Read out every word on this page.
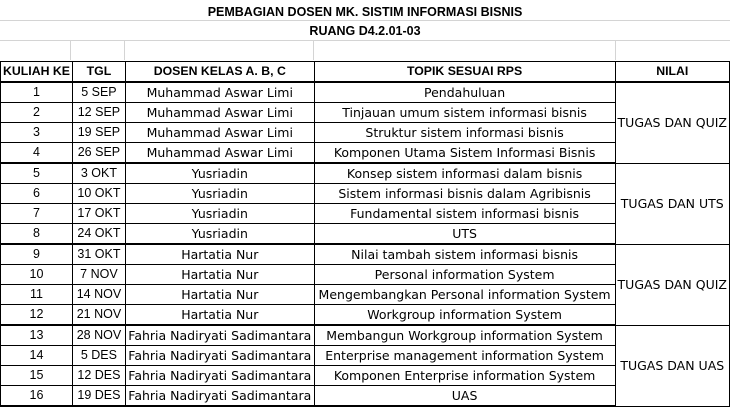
PEMBAGIAN DOSEN MK. SISTIM INFORMASI BISNIS
RUANG D4.2.01-03
KULIAH KE	TGL	DOSEN KELAS A. B, C	TOPIK SESUAI RPS	NILAI
1	5 SEP	Muhammad Aswar Limi	Pendahuluan	TUGAS DAN QUIZ
2	12 SEP	Muhammad Aswar Limi	Tinjauan umum sistem informasi bisnis	
3	19 SEP	Muhammad Aswar Limi	Struktur sistem informasi bisnis	
4	26 SEP	Muhammad Aswar Limi	Komponen Utama Sistem Informasi Bisnis	
5	3 OKT	Yusriadin	Konsep sistem informasi dalam bisnis	TUGAS DAN UTS
6	10 OKT	Yusriadin	Sistem informasi bisnis dalam Agribisnis	
7	17 OKT	Yusriadin	Fundamental sistem informasi bisnis	
8	24 OKT	Yusriadin	UTS	
9	31 OKT	Hartatia Nur	Nilai tambah sistem informasi bisnis	TUGAS DAN QUIZ
10	7 NOV	Hartatia Nur	Personal information System	
11	14 NOV	Hartatia Nur	Mengembangkan Personal information System	
12	21 NOV	Hartatia Nur	Workgroup information System	
13	28 NOV	Fahria Nadiryati Sadimantara	Membangun Workgroup information System	TUGAS DAN UAS
14	5 DES	Fahria Nadiryati Sadimantara	Enterprise management information System	
15	12 DES	Fahria Nadiryati Sadimantara	Komponen Enterprise information System	
16	19 DES	Fahria Nadiryati Sadimantara	UAS	
